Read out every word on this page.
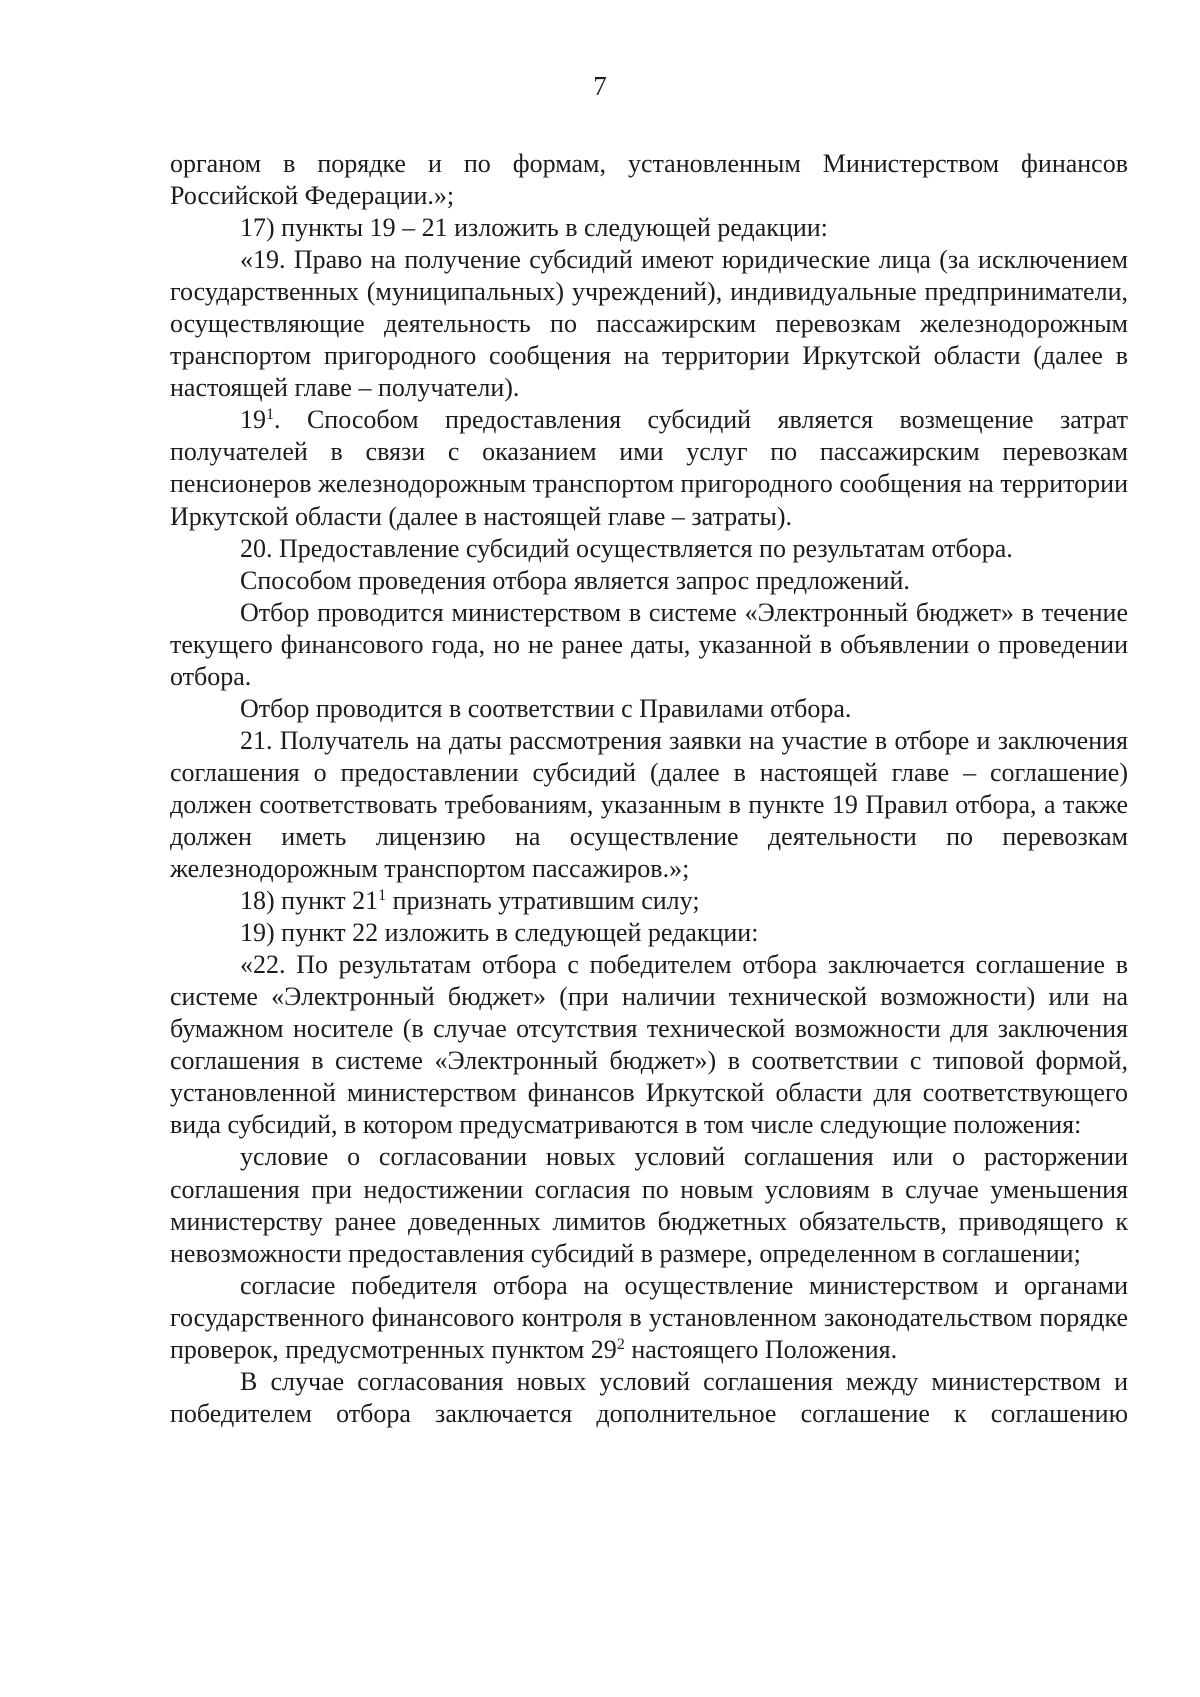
7

органом в порядке и по формам, установленным Министерством финансов Российской Федерации.»;

17) пункты 19 – 21 изложить в следующей редакции:

«19. Право на получение субсидий имеют юридические лица (за исключением государственных (муниципальных) учреждений), индивидуальные предприниматели, осуществляющие деятельность по пассажирским перевозкам железнодорожным транспортом пригородного сообщения на территории Иркутской области (далее в настоящей главе – получатели).

$19^1$. Способом предоставления субсидий является возмещение затрат получателей в связи с оказанием ими услуг по пассажирским перевозкам пенсионеров железнодорожным транспортом пригородного сообщения на территории Иркутской области (далее в настоящей главе – затраты).

20. Предоставление субсидий осуществляется по результатам отбора.

Способом проведения отбора является запрос предложений.

Отбор проводится министерством в системе «Электронный бюджет» в течение текущего финансового года, но не ранее даты, указанной в объявлении о проведении отбора.

Отбор проводится в соответствии с Правилами отбора.

21. Получатель на даты рассмотрения заявки на участие в отборе и заключения соглашения о предоставлении субсидий (далее в настоящей главе – соглашение) должен соответствовать требованиям, указанным в пункте 19 Правил отбора, а также должен иметь лицензию на осуществление деятельности по перевозкам железнодорожным транспортом пассажиров.»;

18) пункт $21^1$ признать утратившим силу;

19) пункт 22 изложить в следующей редакции:

«22. По результатам отбора с победителем отбора заключается соглашение в системе «Электронный бюджет» (при наличии технической возможности) или на бумажном носителе (в случае отсутствия технической возможности для заключения соглашения в системе «Электронный бюджет») в соответствии с типовой формой, установленной министерством финансов Иркутской области для соответствующего вида субсидий, в котором предусматриваются в том числе следующие положения:

условие о согласовании новых условий соглашения или о расторжении соглашения при недостижении согласия по новым условиям в случае уменьшения министерству ранее доведенных лимитов бюджетных обязательств, приводящего к невозможности предоставления субсидий в размере, определенном в соглашении;

согласие победителя отбора на осуществление министерством и органами государственного финансового контроля в установленном законодательством порядке проверок, предусмотренных пунктом $29^2$ настоящего Положения.

В случае согласования новых условий соглашения между министерством и победителем отбора заключается дополнительное соглашение к соглашению
